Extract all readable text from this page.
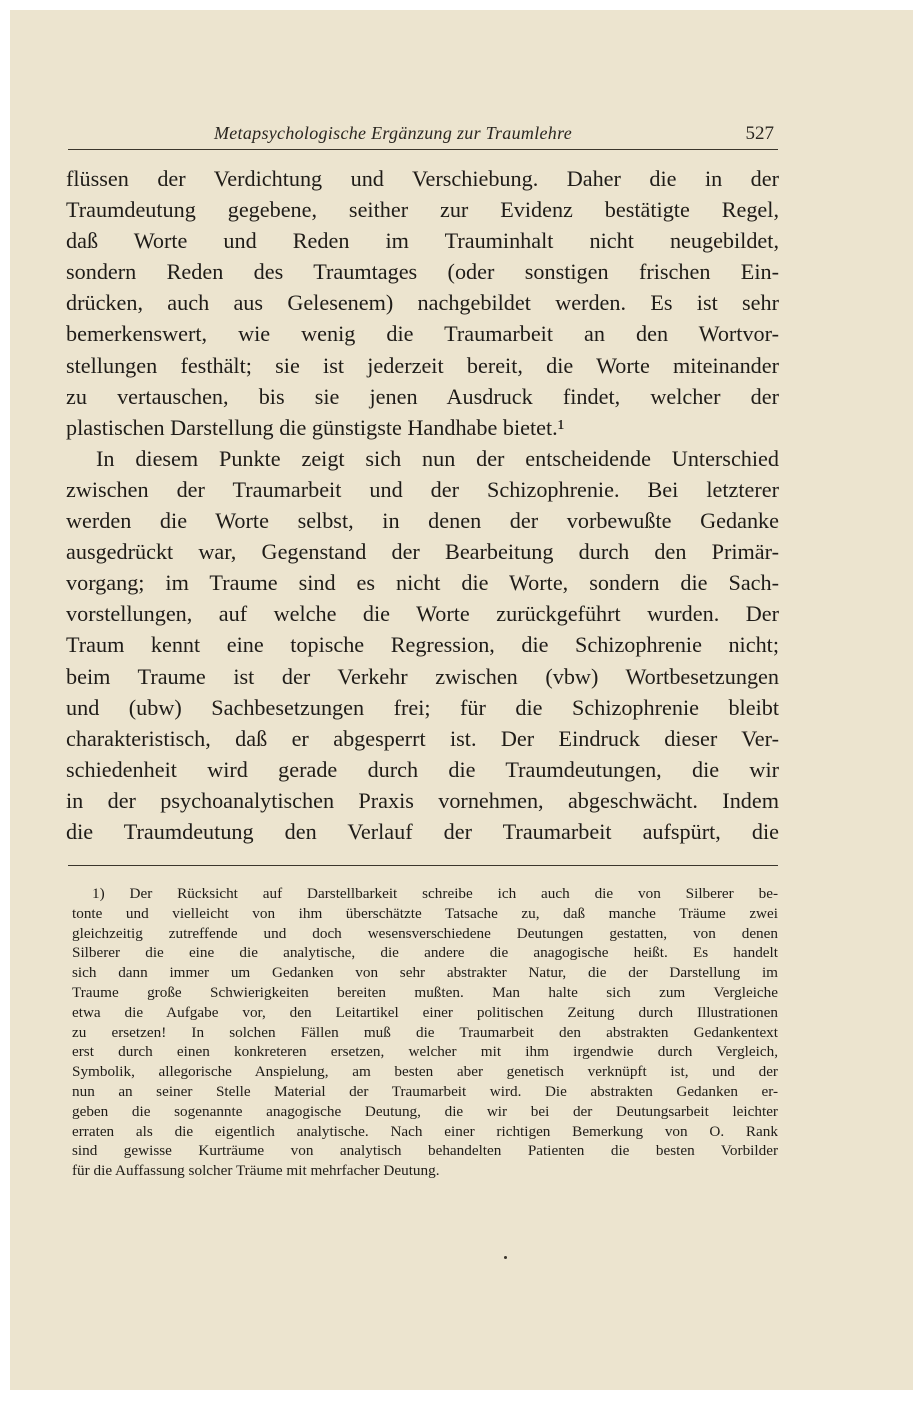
Metapsychologische Ergänzung zur Traumlehre	527
flüssen der Verdichtung und Verschiebung. Daher die in der
Traumdeutung gegebene, seither zur Evidenz bestätigte Regel,
daß Worte und Reden im Trauminhalt nicht neugebildet,
sondern Reden des Traumtages (oder sonstigen frischen Ein-
drücken, auch aus Gelesenem) nachgebildet werden. Es ist sehr
bemerkenswert, wie wenig die Traumarbeit an den Wortvor-
stellungen festhält; sie ist jederzeit bereit, die Worte miteinander
zu vertauschen, bis sie jenen Ausdruck findet, welcher der
plastischen Darstellung die günstigste Handhabe bietet.¹
In diesem Punkte zeigt sich nun der entscheidende Unterschied
zwischen der Traumarbeit und der Schizophrenie. Bei letzterer
werden die Worte selbst, in denen der vorbewußte Gedanke
ausgedrückt war, Gegenstand der Bearbeitung durch den Primär-
vorgang; im Traume sind es nicht die Worte, sondern die Sach-
vorstellungen, auf welche die Worte zurückgeführt wurden. Der
Traum kennt eine topische Regression, die Schizophrenie nicht;
beim Traume ist der Verkehr zwischen (vbw) Wortbesetzungen
und (ubw) Sachbesetzungen frei; für die Schizophrenie bleibt
charakteristisch, daß er abgesperrt ist. Der Eindruck dieser Ver-
schiedenheit wird gerade durch die Traumdeutungen, die wir
in der psychoanalytischen Praxis vornehmen, abgeschwächt. Indem
die Traumdeutung den Verlauf der Traumarbeit aufspürt, die
1) Der Rücksicht auf Darstellbarkeit schreibe ich auch die von Silberer be-
tonte und vielleicht von ihm überschätzte Tatsache zu, daß manche Träume zwei
gleichzeitig zutreffende und doch wesensverschiedene Deutungen gestatten, von denen
Silberer die eine die analytische, die andere die anagogische heißt. Es handelt
sich dann immer um Gedanken von sehr abstrakter Natur, die der Darstellung im
Traume große Schwierigkeiten bereiten mußten. Man halte sich zum Vergleiche
etwa die Aufgabe vor, den Leitartikel einer politischen Zeitung durch Illustrationen
zu ersetzen! In solchen Fällen muß die Traumarbeit den abstrakten Gedankentext
erst durch einen konkreteren ersetzen, welcher mit ihm irgendwie durch Vergleich,
Symbolik, allegorische Anspielung, am besten aber genetisch verknüpft ist, und der
nun an seiner Stelle Material der Traumarbeit wird. Die abstrakten Gedanken er-
geben die sogenannte anagogische Deutung, die wir bei der Deutungsarbeit leichter
erraten als die eigentlich analytische. Nach einer richtigen Bemerkung von O. Rank
sind gewisse Kurträume von analytisch behandelten Patienten die besten Vorbilder
für die Auffassung solcher Träume mit mehrfacher Deutung.
